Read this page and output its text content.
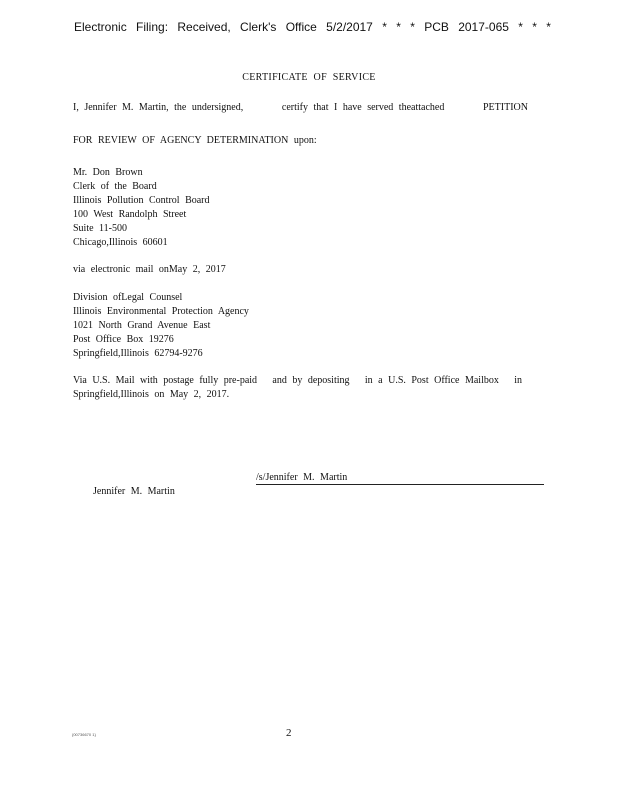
Electronic Filing: Received, Clerk's Office 5/2/2017 * * * PCB 2017-065 * * *
CERTIFICATE OF SERVICE
I, Jennifer M. Martin, the undersigned,	certify that I have served theattached	PETITION
FOR REVIEW OF AGENCY DETERMINATION upon:
Mr. Don Brown
Clerk of the Board
Illinois Pollution Control Board
100 West Randolph Street
Suite 11-500
Chicago,Illinois 60601
via electronic mail onMay 2, 2017
Division ofLegal Counsel
Illinois Environmental Protection Agency
1021 North Grand Avenue East
Post Office Box 19276
Springfield,Illinois 62794-9276
Via U.S. Mail with postage fully pre-paid and by depositing in a U.S. Post Office Mailbox in
Springfield,Illinois on May 2, 2017.
/s/Jennifer M. Martin
Jennifer M. Martin
{00736670 1}	2
